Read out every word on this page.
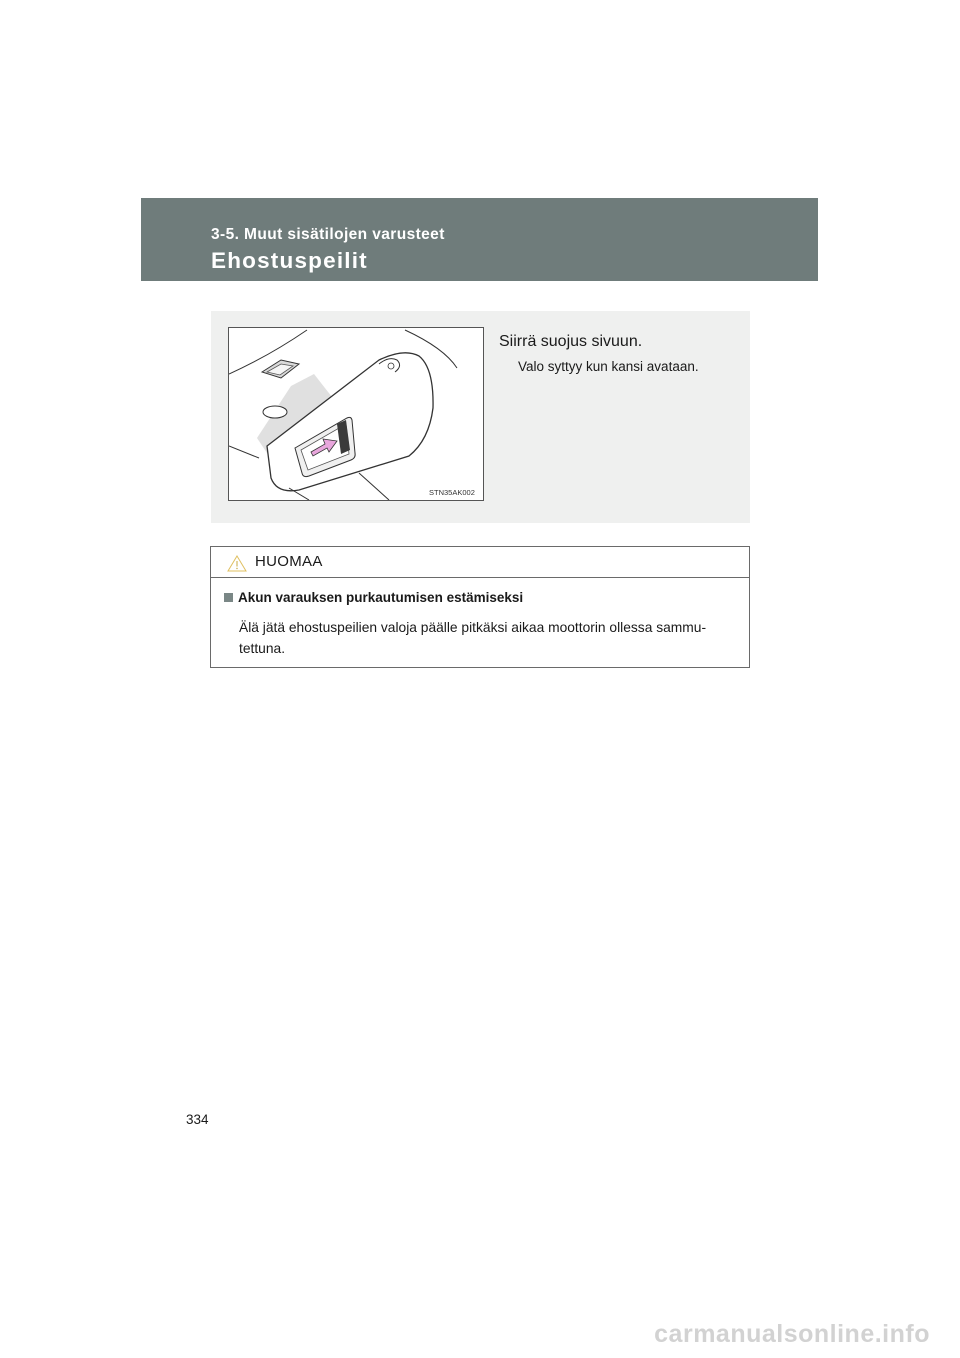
3-5. Muut sisätilojen varusteet
Ehostuspeilit
STN35AK002
Siirrä suojus sivuun.
Valo syttyy kun kansi avataan.
HUOMAA
Akun varauksen purkautumisen estämiseksi
Älä jätä ehostuspeilien valoja päälle pitkäksi aikaa moottorin ollessa sammu-
tettuna.
334
carmanualsonline.info
